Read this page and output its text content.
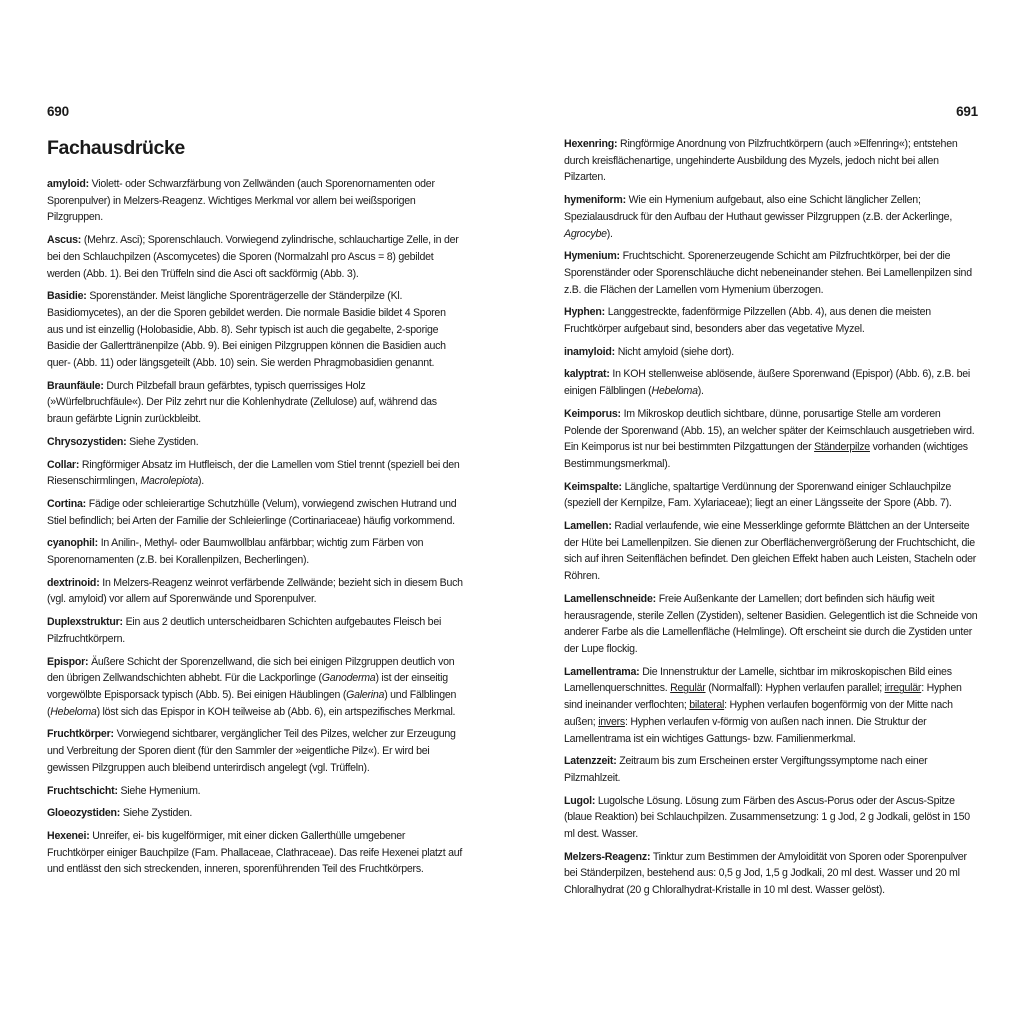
690
Fachausdrücke

amyloid: Violett- oder Schwarzfärbung von Zellwänden (auch Sporenornamenten oder Sporenpulver) in Melzers-Reagenz. Wichtiges Merkmal vor allem bei weißsporigen Pilzgruppen.

Ascus: (Mehrz. Asci); Sporenschlauch. Vorwiegend zylindrische, schlauchartige Zelle, in der bei den Schlauchpilzen (Ascomycetes) die Sporen (Normalzahl pro Ascus = 8) gebildet werden (Abb. 1). Bei den Trüffeln sind die Asci oft sackförmig (Abb. 3).

Basidie: Sporenständer. Meist längliche Sporenträgerzelle der Ständerpilze (Kl. Basidiomycetes), an der die Sporen gebildet werden. Die normale Basidie bildet 4 Sporen aus und ist einzellig (Holobasidie, Abb. 8). Sehr typisch ist auch die gegabelte, 2-sporige Basidie der Gallerttränenpilze (Abb. 9). Bei einigen Pilzgruppen können die Basidien auch quer- (Abb. 11) oder längsgeteilt (Abb. 10) sein. Sie werden Phragmobasidien genannt.

Braunfäule: Durch Pilzbefall braun gefärbtes, typisch querrissiges Holz (»Würfelbruchfäule«). Der Pilz zehrt nur die Kohlenhydrate (Zellulose) auf, während das braun gefärbte Lignin zurückbleibt.

Chrysozystiden: Siehe Zystiden.

Collar: Ringförmiger Absatz im Hutfleisch, der die Lamellen vom Stiel trennt (speziell bei den Riesenschirmlingen, Macrolepiota).

Cortina: Fädige oder schleierartige Schutzhülle (Velum), vorwiegend zwischen Hutrand und Stiel befindlich; bei Arten der Familie der Schleierlinge (Cortinariaceae) häufig vorkommend.

cyanophil: In Anilin-, Methyl- oder Baumwollblau anfärbbar; wichtig zum Färben von Sporenornamenten (z.B. bei Korallenpilzen, Becherlingen).

dextrinoid: In Melzers-Reagenz weinrot verfärbende Zellwände; bezieht sich in diesem Buch (vgl. amyloid) vor allem auf Sporenwände und Sporenpulver.

Duplexstruktur: Ein aus 2 deutlich unterscheidbaren Schichten aufgebautes Fleisch bei Pilzfruchtkörpern.

Epispor: Äußere Schicht der Sporenzellwand, die sich bei einigen Pilzgruppen deutlich von den übrigen Zellwandschichten abhebt. Für die Lackporlinge (Ganoderma) ist der einseitig vorgewölbte Episporsack typisch (Abb. 5). Bei einigen Häublingen (Galerina) und Fälblingen (Hebeloma) löst sich das Epispor in KOH teilweise ab (Abb. 6), ein artspezifisches Merkmal.

Fruchtkörper: Vorwiegend sichtbarer, vergänglicher Teil des Pilzes, welcher zur Erzeugung und Verbreitung der Sporen dient (für den Sammler der »eigentliche Pilz«). Er wird bei gewissen Pilzgruppen auch bleibend unterirdisch angelegt (vgl. Trüffeln).

Fruchtschicht: Siehe Hymenium.

Gloeozystiden: Siehe Zystiden.

Hexenei: Unreifer, ei- bis kugelförmiger, mit einer dicken Gallerthülle umgebener Fruchtkörper einiger Bauchpilze (Fam. Phallaceae, Clathraceae). Das reife Hexenei platzt auf und entlässt den sich streckenden, inneren, sporenführenden Teil des Fruchtkörpers.

691

Hexenring: Ringförmige Anordnung von Pilzfruchtkörpern (auch »Elfenring«); entstehen durch kreisflächenartige, ungehinderte Ausbildung des Myzels, jedoch nicht bei allen Pilzarten.

hymeniform: Wie ein Hymenium aufgebaut, also eine Schicht länglicher Zellen; Spezialausdruck für den Aufbau der Huthaut gewisser Pilzgruppen (z.B. der Ackerlinge, Agrocybe).

Hymenium: Fruchtschicht. Sporenerzeugende Schicht am Pilzfruchtkörper, bei der die Sporenständer oder Sporenschläuche dicht nebeneinander stehen. Bei Lamellenpilzen sind z.B. die Flächen der Lamellen vom Hymenium überzogen.

Hyphen: Langgestreckte, fadenförmige Pilzzellen (Abb. 4), aus denen die meisten Fruchtkörper aufgebaut sind, besonders aber das vegetative Myzel.

inamyloid: Nicht amyloid (siehe dort).

kalyptrat: In KOH stellenweise ablösende, äußere Sporenwand (Epispor) (Abb. 6), z.B. bei einigen Fälblingen (Hebeloma).

Keimporus: Im Mikroskop deutlich sichtbare, dünne, porusartige Stelle am vorderen Polende der Sporenwand (Abb. 15), an welcher später der Keimschlauch ausgetrieben wird. Ein Keimporus ist nur bei bestimmten Pilzgattungen der Ständerpilze vorhanden (wichtiges Bestimmungsmerkmal).

Keimspalte: Längliche, spaltartige Verdünnung der Sporenwand einiger Schlauchpilze (speziell der Kernpilze, Fam. Xylariaceae); liegt an einer Längsseite der Spore (Abb. 7).

Lamellen: Radial verlaufende, wie eine Messerklinge geformte Blättchen an der Unterseite der Hüte bei Lamellenpilzen. Sie dienen zur Oberflächenvergrößerung der Fruchtschicht, die sich auf ihren Seitenflächen befindet. Den gleichen Effekt haben auch Leisten, Stacheln oder Röhren.

Lamellenschneide: Freie Außenkante der Lamellen; dort befinden sich häufig weit herausragende, sterile Zellen (Zystiden), seltener Basidien. Gelegentlich ist die Schneide von anderer Farbe als die Lamellenfläche (Helmlinge). Oft erscheint sie durch die Zystiden unter der Lupe flockig.

Lamellentrama: Die Innenstruktur der Lamelle, sichtbar im mikroskopischen Bild eines Lamellenquerschnittes. Regulär (Normalfall): Hyphen verlaufen parallel; irregulär: Hyphen sind ineinander verflochten; bilateral: Hyphen verlaufen bogenförmig von der Mitte nach außen; invers: Hyphen verlaufen v-förmig von außen nach innen. Die Struktur der Lamellentrama ist ein wichtiges Gattungs- bzw. Familienmerkmal.

Latenzzeit: Zeitraum bis zum Erscheinen erster Vergiftungssymptome nach einer Pilzmahlzeit.

Lugol: Lugolsche Lösung. Lösung zum Färben des Ascus-Porus oder der Ascus-Spitze (blaue Reaktion) bei Schlauchpilzen. Zusammensetzung: 1 g Jod, 2 g Jodkali, gelöst in 150 ml dest. Wasser.

Melzers-Reagenz: Tinktur zum Bestimmen der Amyloidität von Sporen oder Sporenpulver bei Ständerpilzen, bestehend aus: 0,5 g Jod, 1,5 g Jodkali, 20 ml dest. Wasser und 20 ml Chloralhydrat (20 g Chloralhydrat-Kristalle in 10 ml dest. Wasser gelöst).
